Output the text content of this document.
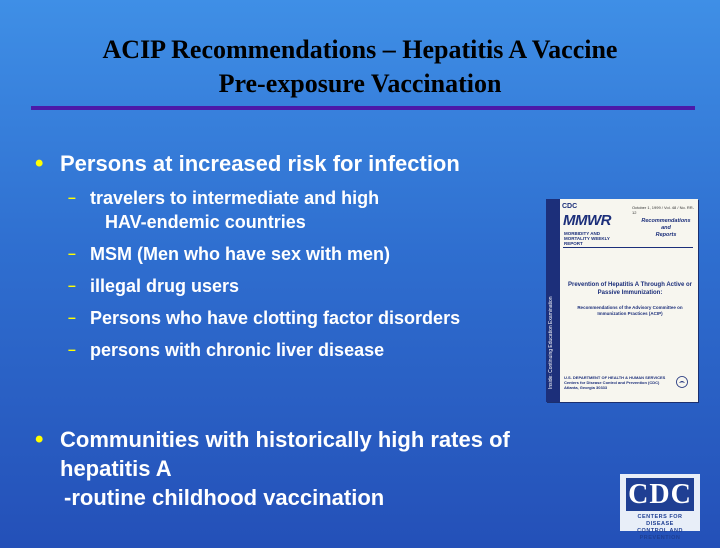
ACIP Recommendations – Hepatitis A Vaccine
Pre-exposure Vaccination
• Persons at increased risk for infection
– travelers to intermediate and high
HAV-endemic countries
– MSM (Men who have sex with men)
– illegal drug users
– Persons who have clotting factor disorders
– persons with chronic liver disease
• Communities with historically high rates of
hepatitis A
-routine childhood vaccination
Inside: Continuing Education Examination
CDC	October 1, 1999 / Vol. 48 / No. RR-12
MMWR
MORBIDITY AND MORTALITY WEEKLY REPORT
Recommendations
and
Reports
Prevention of Hepatitis A Through Active or Passive Immunization:
Recommendations of the Advisory Committee on Immunization Practices (ACIP)
U.S. DEPARTMENT OF HEALTH & HUMAN SERVICES Centers for Disease Control and Prevention (CDC) Atlanta, Georgia 30333
CDC
CENTERS FOR DISEASE
CONTROL AND PREVENTION
